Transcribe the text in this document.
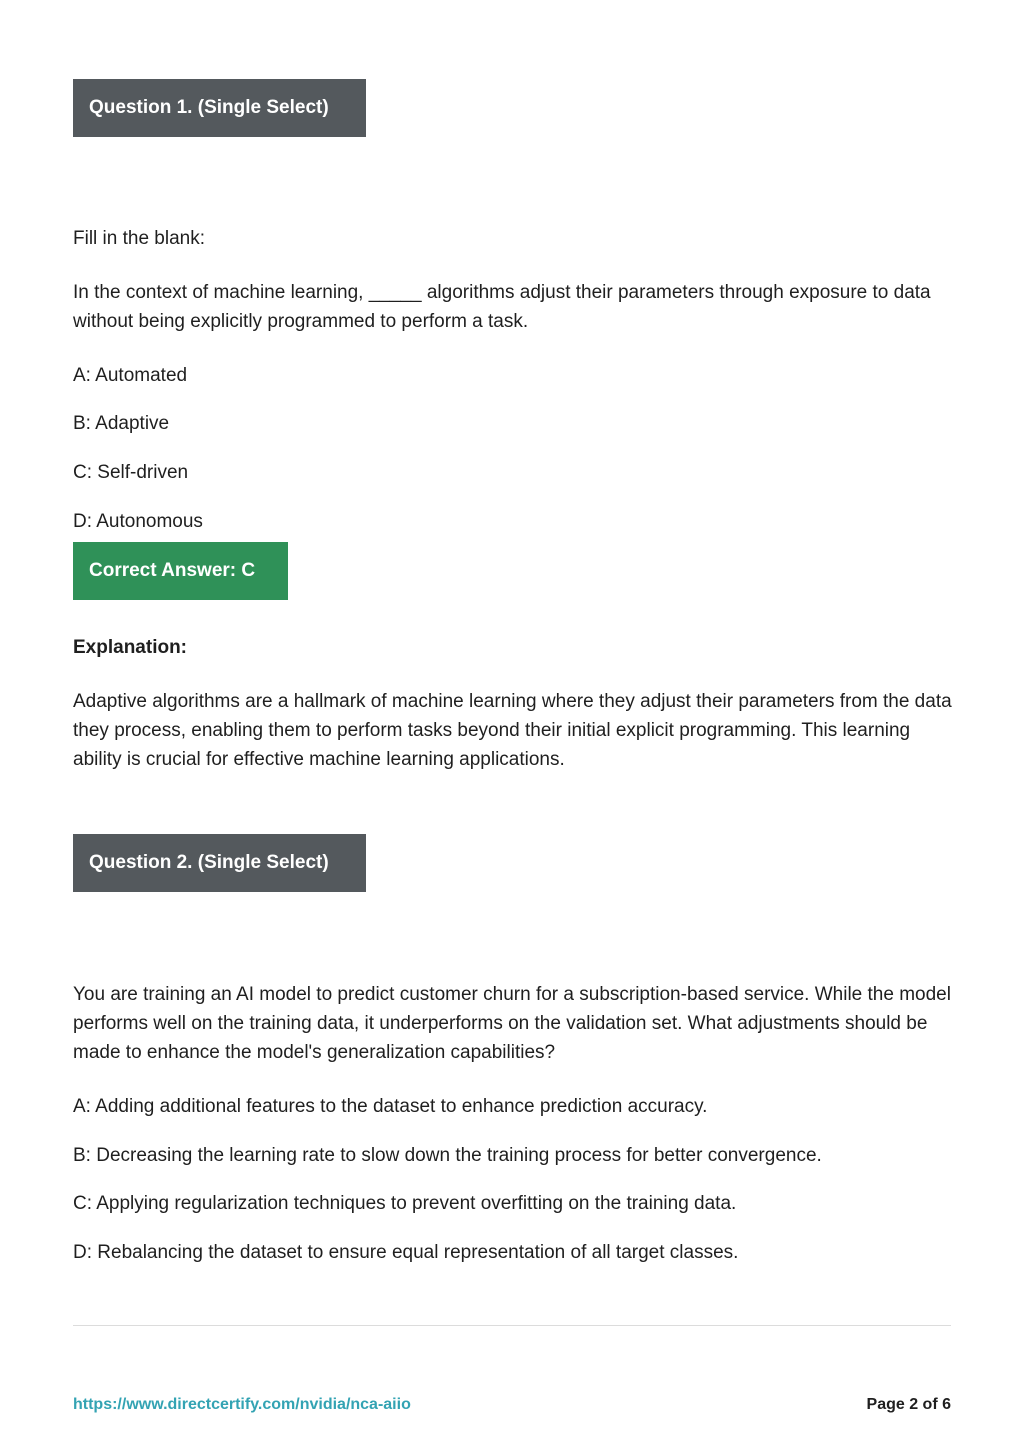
Question 1. (Single Select)
Fill in the blank:
In the context of machine learning, _____ algorithms adjust their parameters through exposure to data without being explicitly programmed to perform a task.
A: Automated
B: Adaptive
C: Self-driven
D: Autonomous
Correct Answer: C
Explanation:
Adaptive algorithms are a hallmark of machine learning where they adjust their parameters from the data they process, enabling them to perform tasks beyond their initial explicit programming. This learning ability is crucial for effective machine learning applications.
Question 2. (Single Select)
You are training an AI model to predict customer churn for a subscription-based service. While the model performs well on the training data, it underperforms on the validation set. What adjustments should be made to enhance the model's generalization capabilities?
A: Adding additional features to the dataset to enhance prediction accuracy.
B: Decreasing the learning rate to slow down the training process for better convergence.
C: Applying regularization techniques to prevent overfitting on the training data.
D: Rebalancing the dataset to ensure equal representation of all target classes.
https://www.directcertify.com/nvidia/nca-aiio	Page 2 of 6
